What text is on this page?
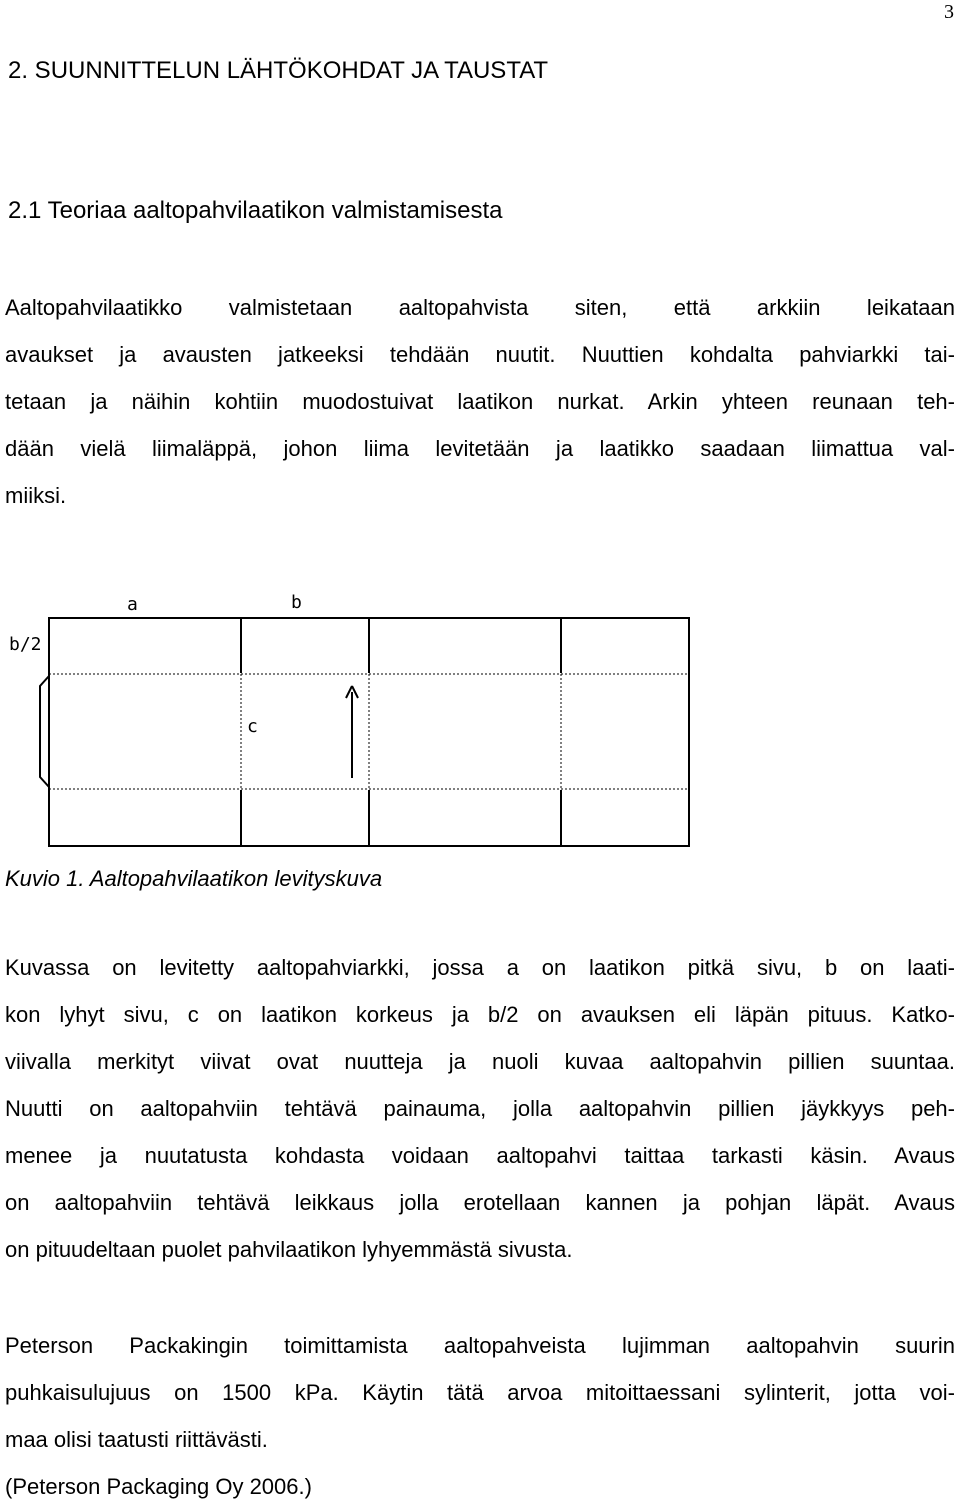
3
2. SUUNNITTELUN LÄHTÖKOHDAT JA TAUSTAT
2.1 Teoriaa aaltopahvilaatikon valmistamisesta

Aaltopahvilaatikko valmistetaan aaltopahvista siten, että arkkiin leikataan
avaukset ja avausten jatkeeksi tehdään nuutit. Nuuttien kohdalta pahviarkki tai-
tetaan ja näihin kohtiin muodostuivat laatikon nurkat. Arkin yhteen reunaan teh-
dään vielä liimaläppä, johon liima levitetään ja laatikko saadaan liimattua val-
miiksi.

a	b
b/2
c
Kuvio 1. Aaltopahvilaatikon levityskuva

Kuvassa on levitetty aaltopahviarkki, jossa a on laatikon pitkä sivu, b on laati-
kon lyhyt sivu, c on laatikon korkeus ja b/2 on avauksen eli läpän pituus. Katko-
viivalla merkityt viivat ovat nuutteja ja nuoli kuvaa aaltopahvin pillien suuntaa.
Nuutti on aaltopahviin tehtävä painauma, jolla aaltopahvin pillien jäykkyys peh-
menee ja nuutatusta kohdasta voidaan aaltopahvi taittaa tarkasti käsin. Avaus
on aaltopahviin tehtävä leikkaus jolla erotellaan kannen ja pohjan läpät. Avaus
on pituudeltaan puolet pahvilaatikon lyhyemmästä sivusta.

Peterson Packakingin toimittamista aaltopahveista lujimman aaltopahvin suurin
puhkaisulujuus on 1500 kPa. Käytin tätä arvoa mitoittaessani sylinterit, jotta voi-
maa olisi taatusti riittävästi.
(Peterson Packaging Oy 2006.)
